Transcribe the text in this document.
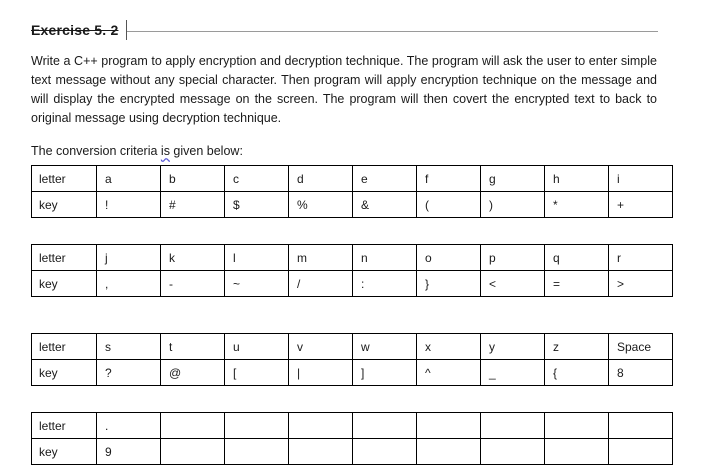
Exercise 5. 2

Write a C++ program to apply encryption and decryption technique. The program will ask the user to enter simple text message without any special character. Then program will apply encryption technique on the message and will display the encrypted message on the screen. The program will then covert the encrypted text to back to original message using decryption technique.

The conversion criteria is given below:

letter	a	b	c	d	e	f	g	h	i
key	!	#	$	%	&	(	)	*	+
letter	j	k	l	m	n	o	p	q	r
key	,	-	~	/	:	}	<	=	>
letter	s	t	u	v	w	x	y	z	Space
key	?	@	[	|	]	^	_	{	8
letter	.								
key	9								
